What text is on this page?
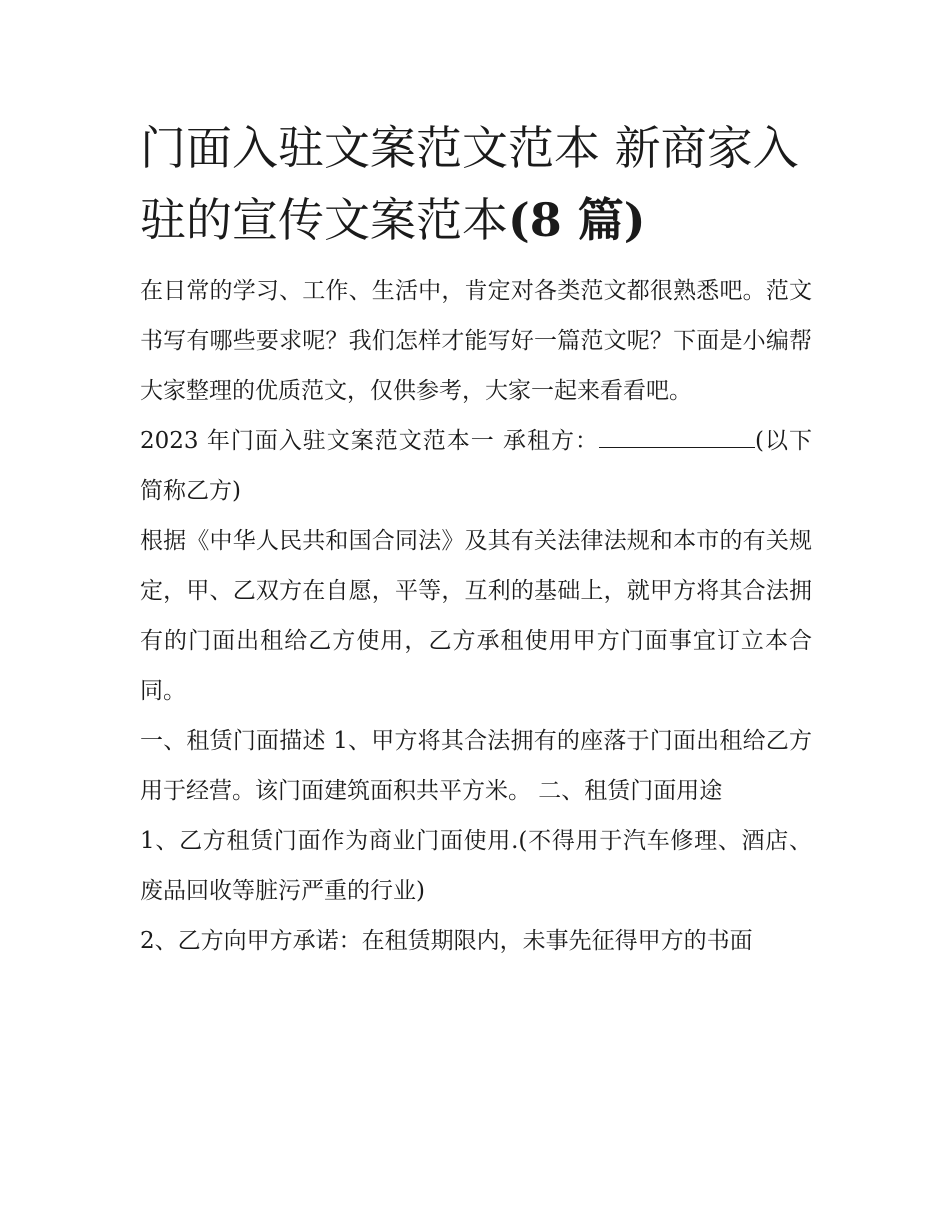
门面入驻文案范文范本 新商家入驻的宣传文案范本(8 篇)

在日常的学习、工作、生活中，肯定对各类范文都很熟悉吧。范文书写有哪些要求呢？我们怎样才能写好一篇范文呢？下面是小编帮大家整理的优质范文，仅供参考，大家一起来看看吧。

2023 年门面入驻文案范文范本一 承租方：	(以下简称乙方)

根据《中华人民共和国合同法》及其有关法律法规和本市的有关规定，甲、乙双方在自愿，平等，互利的基础上，就甲方将其合法拥有的门面出租给乙方使用，乙方承租使用甲方门面事宜订立本合同。

一、租赁门面描述 1、甲方将其合法拥有的座落于门面出租给乙方用于经营。该门面建筑面积共平方米。 二、租赁门面用途

1、乙方租赁门面作为商业门面使用.(不得用于汽车修理、酒店、废品回收等脏污严重的行业)

2、乙方向甲方承诺：在租赁期限内，未事先征得甲方的书面
